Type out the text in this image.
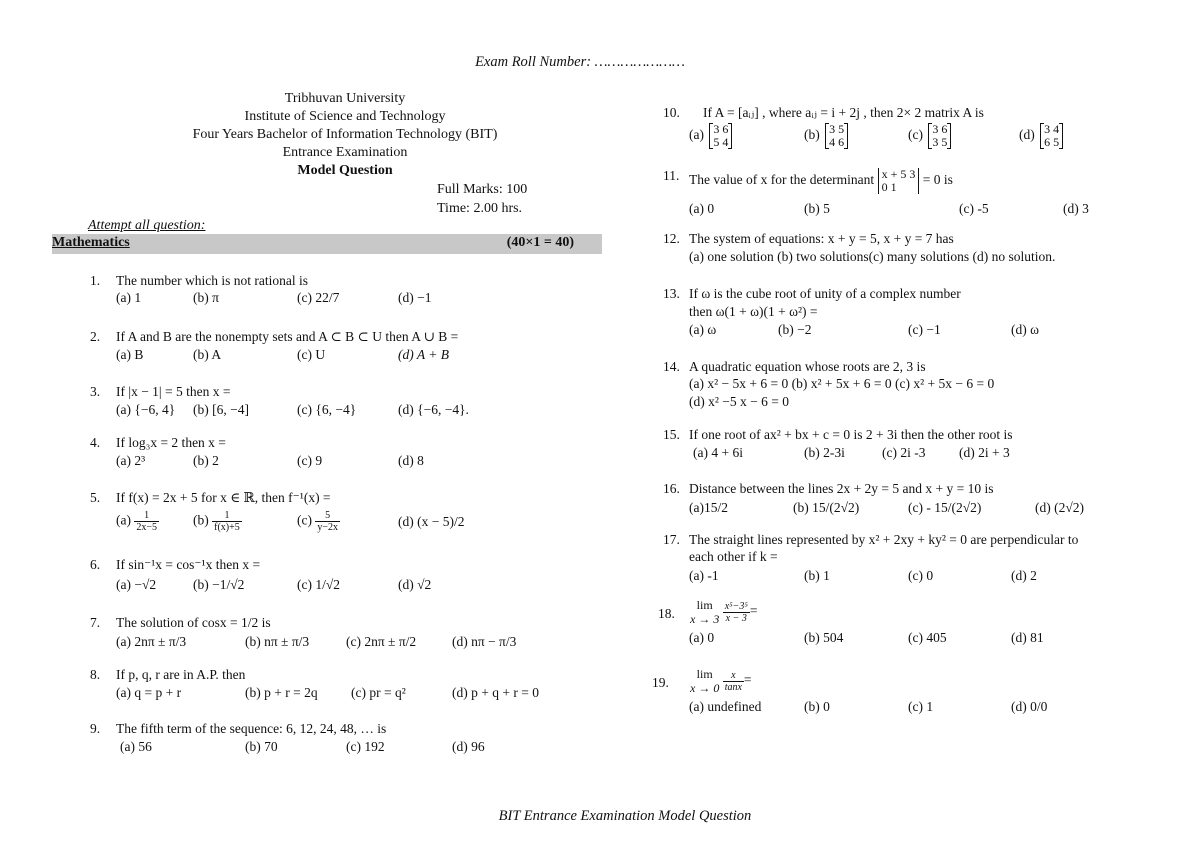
Exam Roll Number: …………………
Tribhuvan University
Institute of Science and Technology
Four Years Bachelor of Information Technology (BIT)
Entrance Examination
Model Question
Full Marks: 100
Time: 2.00 hrs.
Attempt all question:
Mathematics	(40×1 = 40)
1. The number which is not rational is
(a) 1	(b) π	(c) 22/7	(d) −1
2. If A and B are the nonempty sets and A ⊂ B ⊂ U then A ∪ B =
(a) B	(b) A	(c) U	(d) A + B
3. If |x − 1| = 5 then x =
(a) {−6, 4} (b) [6, −4]	(c) {6, −4}	(d) {−6, −4}.
4. If log₃x = 2 then x =
(a) 2³	(b) 2	(c) 9	(d) 8
5. If f(x) = 2x + 5 for x ∈ ℝ, then f⁻¹(x) =
$(a) \frac{1}{2x-5}$	$(b) \frac{1}{f(x)+5}$	$(c) \frac{5}{y-2x}$	(d) (x − 5)/2
6. If sin⁻¹x = cos⁻¹x then x =
(a) −√2	(b) −1/√2	(c) 1/√2	(d) √2
7. The solution of cosx = 1/2 is
(a) 2nπ ± π/3	(b) nπ ± π/3	(c) 2nπ ± π/2	(d) nπ − π/3
8. If p, q, r are in A.P. then
(a) q = p + r	(b) p + r = 2q (c) pr = q²	(d) p + q + r = 0
9. The fifth term of the sequence: 6, 12, 24, 48, … is
(a) 56	(b) 70	(c) 192	(d) 96
10. If A = [aᵢⱼ] , where aᵢⱼ = i + 2j , then 2× 2 matrix A is
(a) 3 6
5 4	(b) 3 5
4 6	(c) 3 6
3 5	(d) 3 4
6 5
11. The value of x for the determinant x + 5 3
0 1	= 0 is
(a) 0	(b) 5	(c) -5	(d) 3
12. The system of equations: x + y = 5, x + y = 7 has
(a) one solution (b) two solutions(c) many solutions (d) no solution.
13. If ω is the cube root of unity of a complex number
then ω(1 + ω)(1 + ω²) =
(a) ω	(b) −2	(c) −1	(d) ω
14. A quadratic equation whose roots are 2, 3 is
(a) x² − 5x + 6 = 0 (b) x² + 5x + 6 = 0 (c) x² + 5x − 6 = 0
(d) x² −5 x − 6 = 0
15. If one root of ax² + bx + c = 0 is 2 + 3i then the other root is
(a) 4 + 6i	(b) 2-3i	(c) 2i -3 (d) 2i + 3
16. Distance between the lines 2x + 2y = 5 and x + y = 10 is
(a)15/2	(b) 15/(2√2)	(c) - 15/(2√2)	(d) (2√2)
17. The straight lines represented by x² + 2xy + ky² = 0 are perpendicular to
each other if k =
(a) -1	(b) 1	(c) 0	(d) 2
18.
lim
x → 3
$\frac{\text{x⁵−3⁵}}{x - 3}$ =
(a) 0	(b) 504	(c) 405	(d) 81
19.
lim
x → 0
$\frac{x}{\tan x}$ =
(a) undefined	(b) 0	(c) 1	(d) 0/0
BIT Entrance Examination Model Question
